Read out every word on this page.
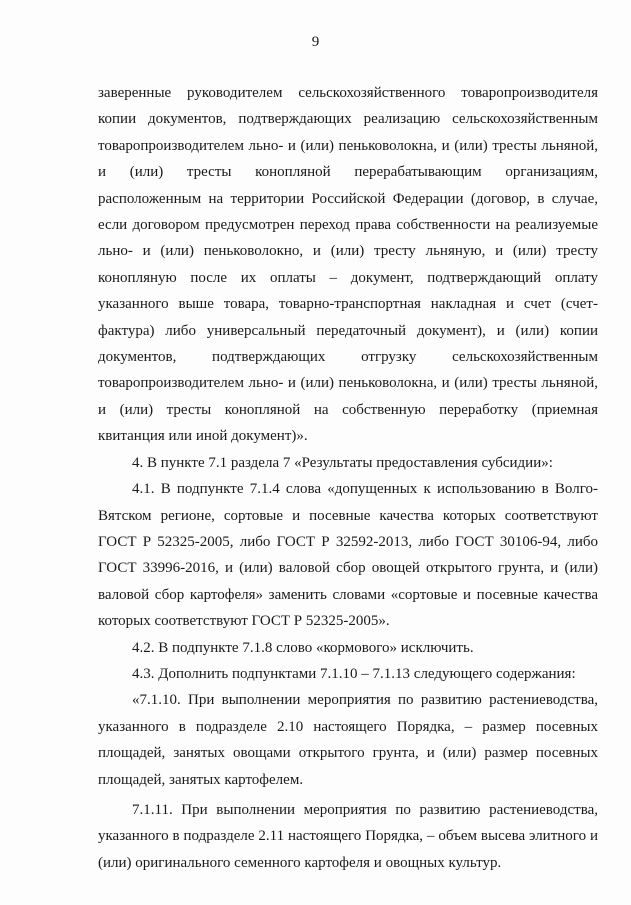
9

заверенные руководителем сельскохозяйственного товаропроизводителя копии документов, подтверждающих реализацию сельскохозяйственным товаропроизводителем льно- и (или) пеньковолокна, и (или) тресты льняной, и (или) тресты конопляной перерабатывающим организациям, расположенным на территории Российской Федерации (договор, в случае, если договором предусмотрен переход права собственности на реализуемые льно- и (или) пеньковолокно, и (или) тресту льняную, и (или) тресту конопляную после их оплаты – документ, подтверждающий оплату указанного выше товара, товарно-транспортная накладная и счет (счет-фактура) либо универсальный передаточный документ), и (или) копии документов, подтверждающих отгрузку сельскохозяйственным товаропроизводителем льно- и (или) пеньковолокна, и (или) тресты льняной, и (или) тресты конопляной на собственную переработку (приемная квитанция или иной документ)».

4. В пункте 7.1 раздела 7 «Результаты предоставления субсидии»:

4.1. В подпункте 7.1.4 слова «допущенных к использованию в Волго-Вятском регионе, сортовые и посевные качества которых соответствуют ГОСТ Р 52325-2005, либо ГОСТ Р 32592-2013, либо ГОСТ 30106-94, либо ГОСТ 33996-2016, и (или) валовой сбор овощей открытого грунта, и (или) валовой сбор картофеля» заменить словами «сортовые и посевные качества которых соответствуют ГОСТ Р 52325-2005».

4.2. В подпункте 7.1.8 слово «кормового» исключить.

4.3. Дополнить подпунктами 7.1.10 – 7.1.13 следующего содержания:

«7.1.10. При выполнении мероприятия по развитию растениеводства, указанного в подразделе 2.10 настоящего Порядка, – размер посевных площадей, занятых овощами открытого грунта, и (или) размер посевных площадей, занятых картофелем.

7.1.11. При выполнении мероприятия по развитию растениеводства, указанного в подразделе 2.11 настоящего Порядка, – объем высева элитного и (или) оригинального семенного картофеля и овощных культур.
